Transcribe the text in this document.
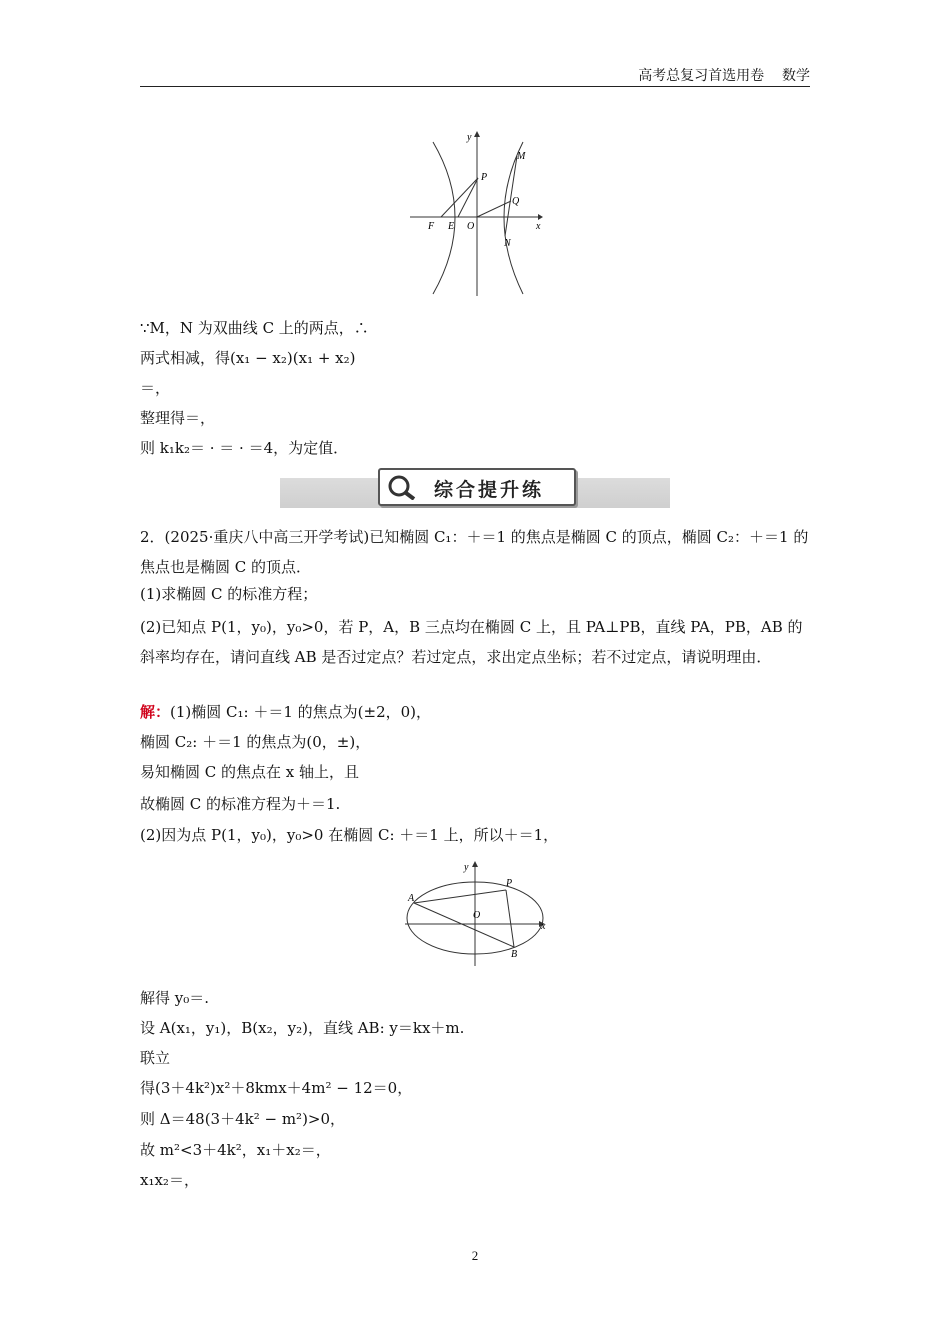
高考总复习首选用卷 数学
y
P
M
Q
F E O	x
N
∵M，N 为双曲线 C 上的两点，∴
两式相减，得(x₁ − x₂)(x₁ + x₂)
＝，
整理得＝，
则 k₁k₂＝ · ＝ · ＝4，为定值．
综合提升练
2．(2025·重庆八中高三开学考试)已知椭圆 C₁：＋＝1 的焦点是椭圆 C 的顶点，椭圆 C₂：＋＝1 的焦点也是椭圆 C 的顶点．
(1)求椭圆 C 的标准方程；
(2)已知点 P(1，y₀)，y₀>0，若 P，A，B 三点均在椭圆 C 上，且 PA⊥PB，直线 PA，PB，AB 的斜率均存在，请问直线 AB 是否过定点？若过定点，求出定点坐标；若不过定点，请说明理由．
解：(1)椭圆 C₁: ＋＝1 的焦点为(±2，0)，
椭圆 C₂: ＋＝1 的焦点为(0，±)，
易知椭圆 C 的焦点在 x 轴上，且
故椭圆 C 的标准方程为＋＝1.
(2)因为点 P(1，y₀)，y₀>0 在椭圆 C: ＋＝1 上，所以＋＝1，
y
P
A
O
x
B
解得 y₀＝.
设 A(x₁，y₁)，B(x₂，y₂)，直线 AB: y＝kx＋m.
联立
得(3＋4k²)x²＋8kmx＋4m² − 12＝0，
则 Δ＝48(3＋4k² − m²)>0，
故 m²<3＋4k²，x₁＋x₂＝，
x₁x₂＝，
2
